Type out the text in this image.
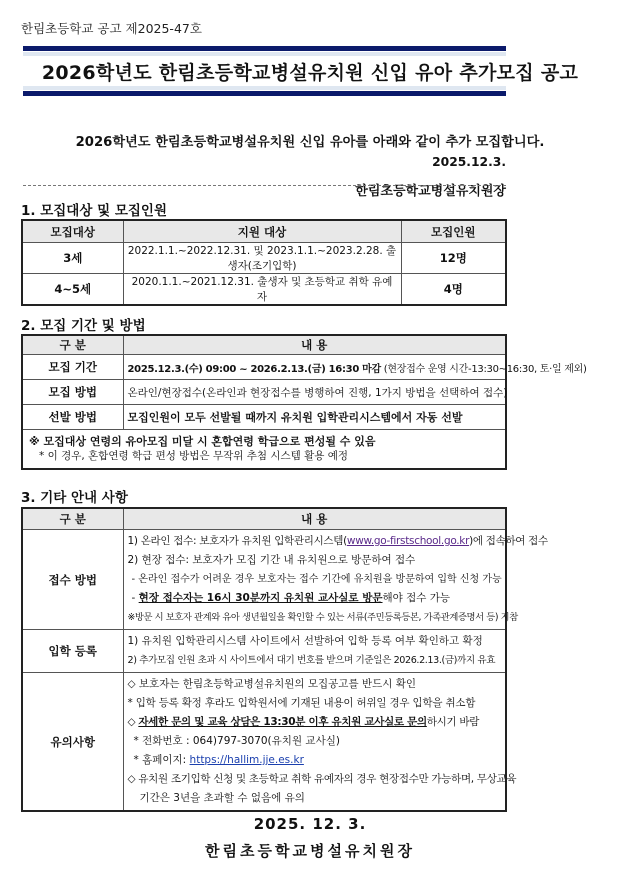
한림초등학교 공고 제2025-47호
2026학년도 한림초등학교병설유치원 신입 유아 추가모집 공고
2026학년도 한림초등학교병설유치원 신입 유아를 아래와 같이 추가 모집합니다.
2025.12.3.
한림초등학교병설유치원장
1. 모집대상 및 모집인원
모집대상	지원 대상	모집인원
3세	2022.1.1.~2022.12.31. 및 2023.1.1.~2023.2.28. 출생자(조기입학)	12명
4~5세	2020.1.1.~2021.12.31. 출생자 및 초등학교 취학 유예자	4명
2. 모집 기간 및 방법
구 분	내 용
모집 기간	2025.12.3.(수) 09:00 ~ 2026.2.13.(금) 16:30 마감 (현장접수 운영 시간-13:30~16:30, 토·일 제외)
모집 방법	온라인/현장접수(온라인과 현장접수를 병행하여 진행, 1가지 방법을 선택하여 접수)
선발 방법	모집인원이 모두 선발될 때까지 유치원 입학관리시스템에서 자동 선발

※ 모집대상 연령의 유아모집 미달 시 혼합연령 학급으로 편성될 수 있음
* 이 경우, 혼합연령 학급 편성 방법은 무작위 추첨 시스템 활용 예정	
3. 기타 안내 사항
구 분	내 용
접수 방법	1) 온라인 접수: 보호자가 유치원 입학관리시스템(www.go-firstschool.go.kr)에 접속하여 접수
2) 현장 접수: 보호자가 모집 기간 내 유치원으로 방문하여 접수
- 온라인 접수가 어려운 경우 보호자는 접수 기간에 유치원을 방문하여 입학 신청 가능
- 현장 접수자는 16시 30분까지 유치원 교사실로 방문해야 접수 가능
※방문 시 보호자 관계와 유아 생년월일을 확인할 수 있는 서류(주민등록등본, 가족관계증명서 등) 지참

입학 등록	1) 유치원 입학관리시스템 사이트에서 선발하여 입학 등록 여부 확인하고 확정
2) 추가모집 인원 초과 시 사이트에서 대기 번호를 받으며 기준일은 2026.2.13.(금)까지 유효

유의사항	
◇ 보호자는 한림초등학교병설유치원의 모집공고를 반드시 확인
* 입학 등록 확정 후라도 입학원서에 기재된 내용이 허위일 경우 입학을 취소함
◇ 자세한 문의 및 교육 상담은 13:30분 이후 유치원 교사실로 문의하시기 바람
* 전화번호 : 064)797-3070(유치원 교사실)
* 홈페이지: https://hallim.jje.es.kr
◇ 유치원 조기입학 신청 및 초등학교 취학 유예자의 경우 현장접수만 가능하며, 무상교육
기간은 3년을 초과할 수 없음에 유의
2025. 12. 3.
한림초등학교병설유치원장
